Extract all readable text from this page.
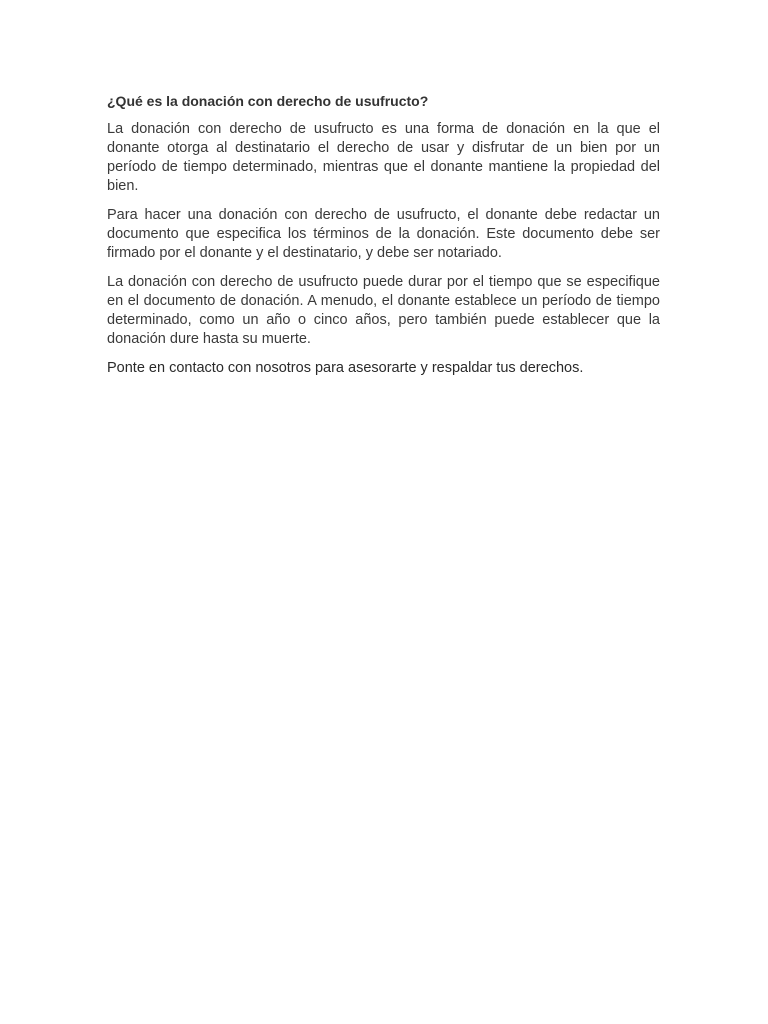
¿Qué es la donación con derecho de usufructo?

La donación con derecho de usufructo es una forma de donación en la que el donante otorga al destinatario el derecho de usar y disfrutar de un bien por un período de tiempo determinado, mientras que el donante mantiene la propiedad del bien.

Para hacer una donación con derecho de usufructo, el donante debe redactar un documento que especifica los términos de la donación. Este documento debe ser firmado por el donante y el destinatario, y debe ser notariado.

La donación con derecho de usufructo puede durar por el tiempo que se especifique en el documento de donación. A menudo, el donante establece un período de tiempo determinado, como un año o cinco años, pero también puede establecer que la donación dure hasta su muerte.

Ponte en contacto con nosotros para asesorarte y respaldar tus derechos.
